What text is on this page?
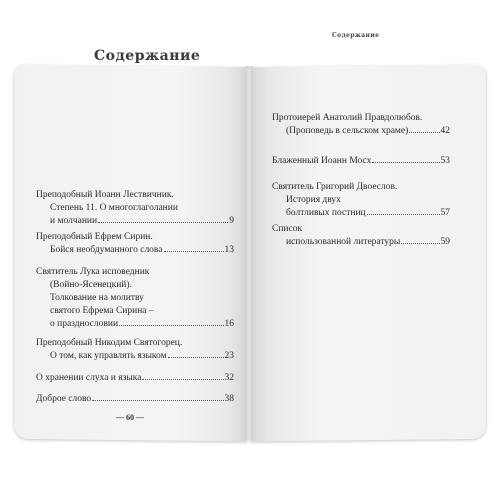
Содержание
Содержание
Преподобный Иоанн Лествичник.
Степень 11. О многоглаголании
и молчании	9
Преподобный Ефрем Сирин.
Бойся необдуманного слова	13
Святитель Лука исповедник
(Войно-Ясенецкий).
Толкование на молитву
святого Ефрема Сирина –
о празднословии	16
Преподобный Никодим Святогорец.
О том, как управлять языком	23
О хранении слуха и языка	32
Доброе слово	38
— 60 —
Протоиерей Анатолий Правдолюбов.
(Проповедь в сельском храме)	42
Блаженный Иоанн Мосх	53
Святитель Григорий Двоеслов.
История двух
болтливых постниц	57
Список
использованной литературы	59
